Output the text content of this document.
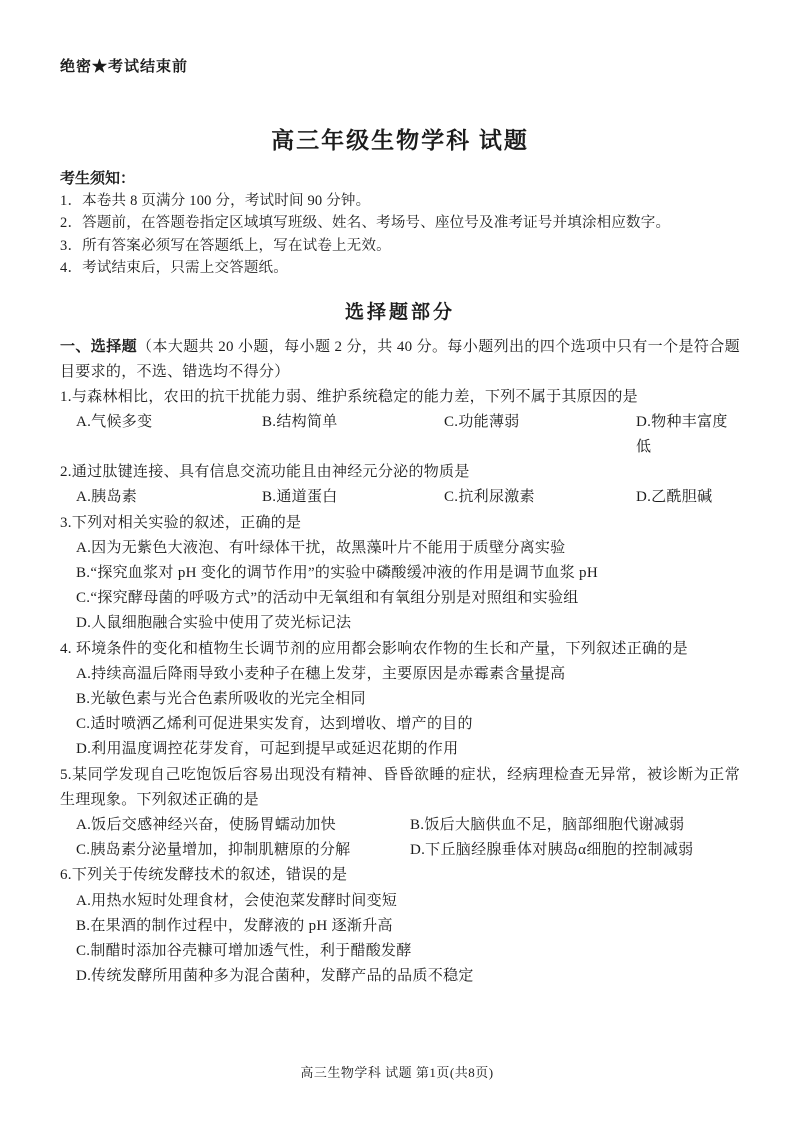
绝密★考试结束前
高三年级生物学科 试题
考生须知：
1．本卷共 8 页满分 100 分，考试时间 90 分钟。
2．答题前，在答题卷指定区域填写班级、姓名、考场号、座位号及准考证号并填涂相应数字。
3．所有答案必须写在答题纸上，写在试卷上无效。
4．考试结束后，只需上交答题纸。
选择题部分

一、选择题（本大题共 20 小题，每小题 2 分，共 40 分。每小题列出的四个选项中只有一个是符合题目要求的，不选、错选均不得分）

1.与森林相比，农田的抗干扰能力弱、维护系统稳定的能力差，下列不属于其原因的是

A.气候多变	B.结构简单	C.功能薄弱	D.物种丰富度低

2.通过肽键连接、具有信息交流功能且由神经元分泌的物质是

A.胰岛素	B.通道蛋白	C.抗利尿激素	D.乙酰胆碱

3.下列对相关实验的叙述，正确的是

A.因为无紫色大液泡、有叶绿体干扰，故黑藻叶片不能用于质壁分离实验
B.“探究血浆对 pH 变化的调节作用”的实验中磷酸缓冲液的作用是调节血浆 pH
C.“探究酵母菌的呼吸方式”的活动中无氧组和有氧组分别是对照组和实验组
D.人鼠细胞融合实验中使用了荧光标记法

4. 环境条件的变化和植物生长调节剂的应用都会影响农作物的生长和产量，下列叙述正确的是

A.持续高温后降雨导致小麦种子在穗上发芽，主要原因是赤霉素含量提高
B.光敏色素与光合色素所吸收的光完全相同
C.适时喷洒乙烯利可促进果实发育，达到增收、增产的目的
D.利用温度调控花芽发育，可起到提早或延迟花期的作用

5.某同学发现自己吃饱饭后容易出现没有精神、昏昏欲睡的症状，经病理检查无异常，被诊断为正常生理现象。下列叙述正确的是

A.饭后交感神经兴奋，使肠胃蠕动加快	B.饭后大脑供血不足，脑部细胞代谢减弱
C.胰岛素分泌量增加，抑制肌糖原的分解	D.下丘脑经腺垂体对胰岛α细胞的控制减弱

6.下列关于传统发酵技术的叙述，错误的是

A.用热水短时处理食材，会使泡菜发酵时间变短
B.在果酒的制作过程中，发酵液的 pH 逐渐升高
C.制醋时添加谷壳糠可增加透气性，利于醋酸发酵
D.传统发酵所用菌种多为混合菌种，发酵产品的品质不稳定
高三生物学科 试题 第1页(共8页)
